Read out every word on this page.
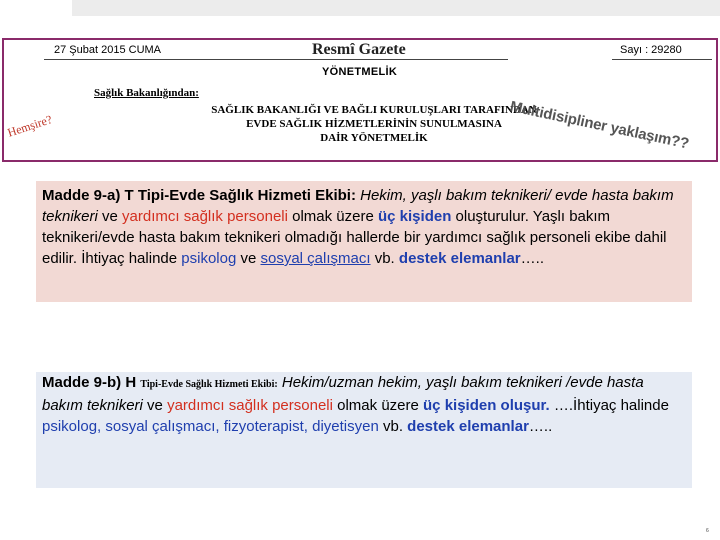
27 Şubat 2015 CUMA	Resmî Gazete	Sayı : 29280
YÖNETMELİK
Sağlık Bakanlığından:
SAĞLIK BAKANLIĞI VE BAĞLI KURULUŞLARI TARAFINDAN
EVDE SAĞLIK HİZMETLERİNİN SUNULMASINA
DAİR YÖNETMELİK
Hemşire?	Multidisipliner yaklaşım??
Madde 9-a) T Tipi-Evde Sağlık Hizmeti Ekibi: Hekim, yaşlı bakım teknikeri/ evde hasta bakım teknikeri ve yardımcı sağlık personeli olmak üzere üç kişiden oluşturulur. Yaşlı bakım teknikeri/evde hasta bakım teknikeri olmadığı hallerde bir yardımcı sağlık personeli ekibe dahil edilir. İhtiyaç halinde psikolog ve sosyal çalışmacı vb. destek elemanlar…..
Madde 9-b) H Tipi-Evde Sağlık Hizmeti Ekibi: Hekim/uzman hekim, yaşlı bakım teknikeri /evde hasta bakım teknikeri ve yardımcı sağlık personeli olmak üzere üç kişiden oluşur. ….İhtiyaç halinde psikolog, sosyal çalışmacı, fizyoterapist, diyetisyen vb. destek elemanlar…..
6
